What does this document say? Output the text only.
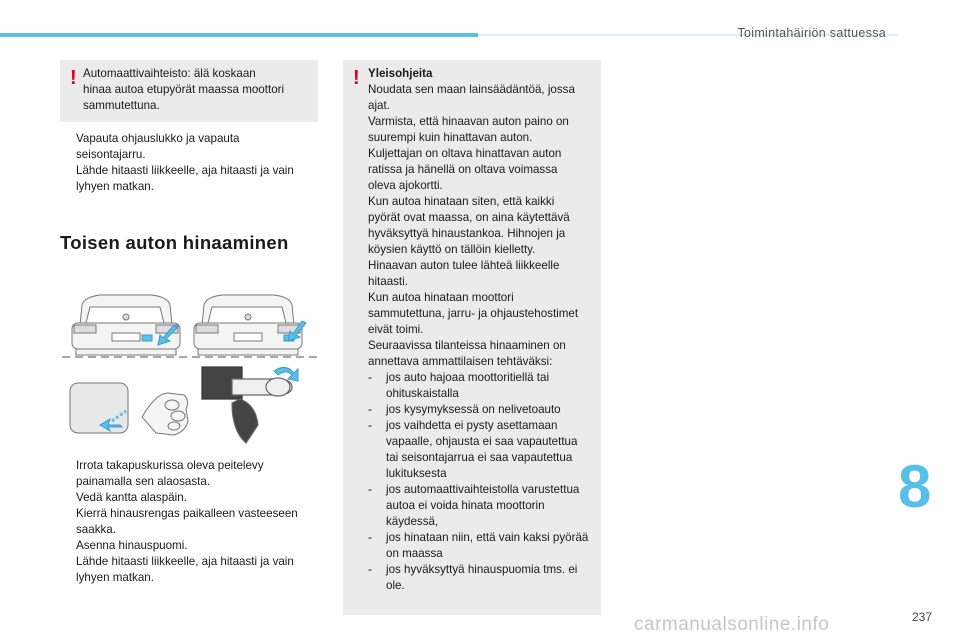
Toimintahäiriön sattuessa
! Automaattivaihteisto: älä koskaan
hinaa autoa etupyörät maassa moottori
sammutettuna.
Vapauta ohjauslukko ja vapauta
seisontajarru.
Lähde hitaasti liikkeelle, aja hitaasti ja vain
lyhyen matkan.
Toisen auton hinaaminen
Irrota takapuskurissa oleva peitelevy
painamalla sen alaosasta.
Vedä kantta alaspäin.
Kierrä hinausrengas paikalleen vasteeseen
saakka.
Asenna hinauspuomi.
Lähde hitaasti liikkeelle, aja hitaasti ja vain
lyhyen matkan.
! Yleisohjeita
Noudata sen maan lainsäädäntöä, jossa
ajat.
Varmista, että hinaavan auton paino on
suurempi kuin hinattavan auton.
Kuljettajan on oltava hinattavan auton
ratissa ja hänellä on oltava voimassa
oleva ajokortti.
Kun autoa hinataan siten, että kaikki
pyörät ovat maassa, on aina käytettävä
hyväksyttyä hinaustankoa. Hihnojen ja
köysien käyttö on tällöin kielletty.
Hinaavan auton tulee lähteä liikkeelle
hitaasti.
Kun autoa hinataan moottori
sammutettuna, jarru- ja ohjaustehostimet
eivät toimi.
Seuraavissa tilanteissa hinaaminen on
annettava ammattilaisen tehtäväksi:
-	jos auto hajoaa moottoritiellä tai
ohituskaistalla
-	jos kysymyksessä on nelivetoauto
-	jos vaihdetta ei pysty asettamaan
vapaalle, ohjausta ei saa vapautettua
tai seisontajarrua ei saa vapautettua
lukituksesta
-	jos automaattivaihteistolla varustettua
autoa ei voida hinata moottorin
käydessä,
-	jos hinataan niin, että vain kaksi pyörää
on maassa
-	jos hyväksyttyä hinauspuomia tms. ei
ole.
8
carmanualsonline.info	237
